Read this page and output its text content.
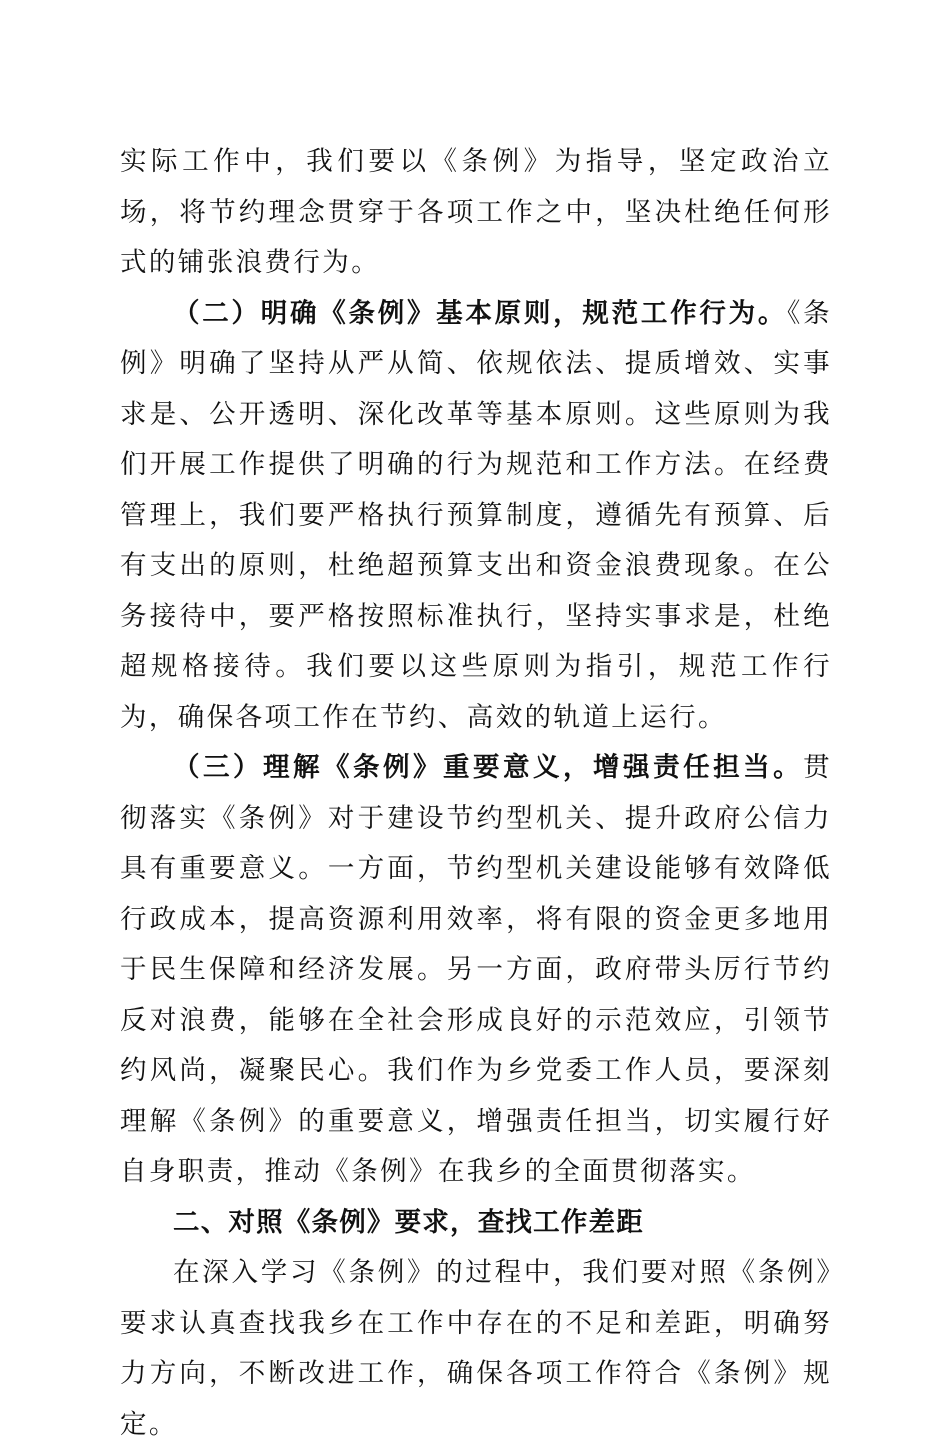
实际工作中，我们要以《条例》为指导，坚定政治立场，将节约理念贯穿于各项工作之中，坚决杜绝任何形式的铺张浪费行为。

（二）明确《条例》基本原则，规范工作行为。《条例》明确了坚持从严从简、依规依法、提质增效、实事求是、公开透明、深化改革等基本原则。这些原则为我们开展工作提供了明确的行为规范和工作方法。在经费管理上，我们要严格执行预算制度，遵循先有预算、后有支出的原则，杜绝超预算支出和资金浪费现象。在公务接待中，要严格按照标准执行，坚持实事求是，杜绝超规格接待。我们要以这些原则为指引，规范工作行为，确保各项工作在节约、高效的轨道上运行。

（三）理解《条例》重要意义，增强责任担当。贯彻落实《条例》对于建设节约型机关、提升政府公信力具有重要意义。一方面，节约型机关建设能够有效降低行政成本，提高资源利用效率，将有限的资金更多地用于民生保障和经济发展。另一方面，政府带头厉行节约反对浪费，能够在全社会形成良好的示范效应，引领节约风尚，凝聚民心。我们作为乡党委工作人员，要深刻理解《条例》的重要意义，增强责任担当，切实履行好自身职责，推动《条例》在我乡的全面贯彻落实。

二、对照《条例》要求，查找工作差距

在深入学习《条例》的过程中，我们要对照《条例》要求认真查找我乡在工作中存在的不足和差距，明确努力方向，不断改进工作，确保各项工作符合《条例》规定。
